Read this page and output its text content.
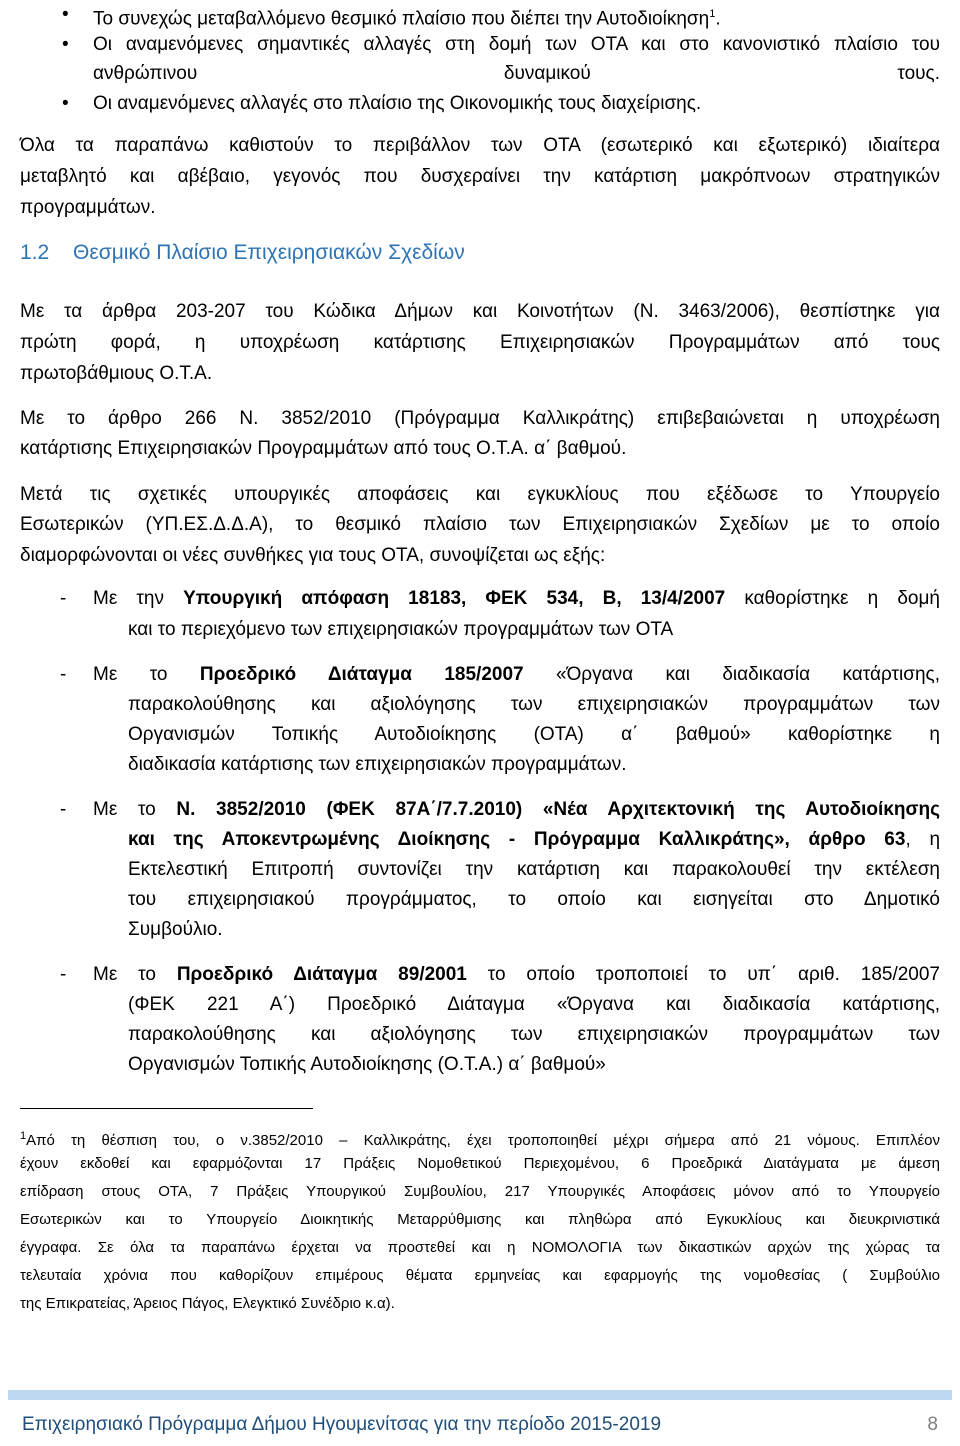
• Το συνεχώς μεταβαλλόμενο θεσμικό πλαίσιο που διέπει την Αυτοδιοίκηση$^1$.
• Οι αναμενόμενες σημαντικές αλλαγές στη δομή των ΟΤΑ και στο κανονιστικό πλαίσιο του ανθρώπινου δυναμικού τους.
• Οι αναμενόμενες αλλαγές στο πλαίσιο της Οικονομικής τους διαχείρισης.
Όλα τα παραπάνω καθιστούν το περιβάλλον των ΟΤΑ (εσωτερικό και εξωτερικό) ιδιαίτερα
μεταβλητό και αβέβαιο, γεγονός που δυσχεραίνει την κατάρτιση μακρόπνοων στρατηγικών
προγραμμάτων.
1.2 Θεσμικό Πλαίσιο Επιχειρησιακών Σχεδίων
Με τα άρθρα 203-207 του Κώδικα Δήμων και Κοινοτήτων (Ν. 3463/2006), θεσπίστηκε για
πρώτη φορά, η υποχρέωση κατάρτισης Επιχειρησιακών Προγραμμάτων από τους
πρωτοβάθμιους Ο.Τ.Α.
Με το άρθρο 266 Ν. 3852/2010 (Πρόγραμμα Καλλικράτης) επιβεβαιώνεται η υποχρέωση
κατάρτισης Επιχειρησιακών Προγραμμάτων από τους Ο.Τ.Α. α΄ βαθμού.
Μετά τις σχετικές υπουργικές αποφάσεις και εγκυκλίους που εξέδωσε το Υπουργείο
Εσωτερικών (ΥΠ.ΕΣ.Δ.Δ.Α), το θεσμικό πλαίσιο των Επιχειρησιακών Σχεδίων με το οποίο
διαμορφώνονται οι νέες συνθήκες για τους ΟΤΑ, συνοψίζεται ως εξής:
- Με την Υπουργική απόφαση 18183, ΦΕΚ 534, Β, 13/4/2007 καθορίστηκε η δομή
και το περιεχόμενο των επιχειρησιακών προγραμμάτων των ΟΤΑ
- Με το Προεδρικό Διάταγμα 185/2007 «Όργανα και διαδικασία κατάρτισης,
παρακολούθησης και αξιολόγησης των επιχειρησιακών προγραμμάτων των
Οργανισμών Τοπικής Αυτοδιοίκησης (ΟΤΑ) α΄ βαθμού» καθορίστηκε η
διαδικασία κατάρτισης των επιχειρησιακών προγραμμάτων.
- Με το Ν. 3852/2010 (ΦΕΚ 87Α΄/7.7.2010) «Νέα Αρχιτεκτονική της Αυτοδιοίκησης
και της Αποκεντρωμένης Διοίκησης - Πρόγραμμα Καλλικράτης», άρθρο 63, η
Εκτελεστική Επιτροπή συντονίζει την κατάρτιση και παρακολουθεί την εκτέλεση
του επιχειρησιακού προγράμματος, το οποίο και εισηγείται στο Δημοτικό
Συμβούλιο.
- Με το Προεδρικό Διάταγμα 89/2001 το οποίο τροποποιεί το υπ΄ αριθ. 185/2007
(ΦΕΚ 221 Α΄) Προεδρικό Διάταγμα «Όργανα και διαδικασία κατάρτισης,
παρακολούθησης και αξιολόγησης των επιχειρησιακών προγραμμάτων των
Οργανισμών Τοπικής Αυτοδιοίκησης (Ο.Τ.Α.) α΄ βαθμού»
$^1$Από τη θέσπιση του, ο ν.3852/2010 – Καλλικράτης, έχει τροποποιηθεί μέχρι σήμερα από 21 νόμους. Επιπλέον
έχουν εκδοθεί και εφαρμόζονται 17 Πράξεις Νομοθετικού Περιεχομένου, 6 Προεδρικά Διατάγματα με άμεση
επίδραση στους ΟΤΑ, 7 Πράξεις Υπουργικού Συμβουλίου, 217 Υπουργικές Αποφάσεις μόνον από το Υπουργείο
Εσωτερικών και το Υπουργείο Διοικητικής Μεταρρύθμισης και πληθώρα από Εγκυκλίους και διευκρινιστικά
έγγραφα. Σε όλα τα παραπάνω έρχεται να προστεθεί και η ΝΟΜΟΛΟΓΙΑ των δικαστικών αρχών της χώρας τα
τελευταία χρόνια που καθορίζουν επιμέρους θέματα ερμηνείας και εφαρμογής της νομοθεσίας ( Συμβούλιο
της Επικρατείας, Άρειος Πάγος, Ελεγκτικό Συνέδριο κ.α).
Επιχειρησιακό Πρόγραμμα Δήμου Ηγουμενίτσας για την περίοδο 2015-2019	8
